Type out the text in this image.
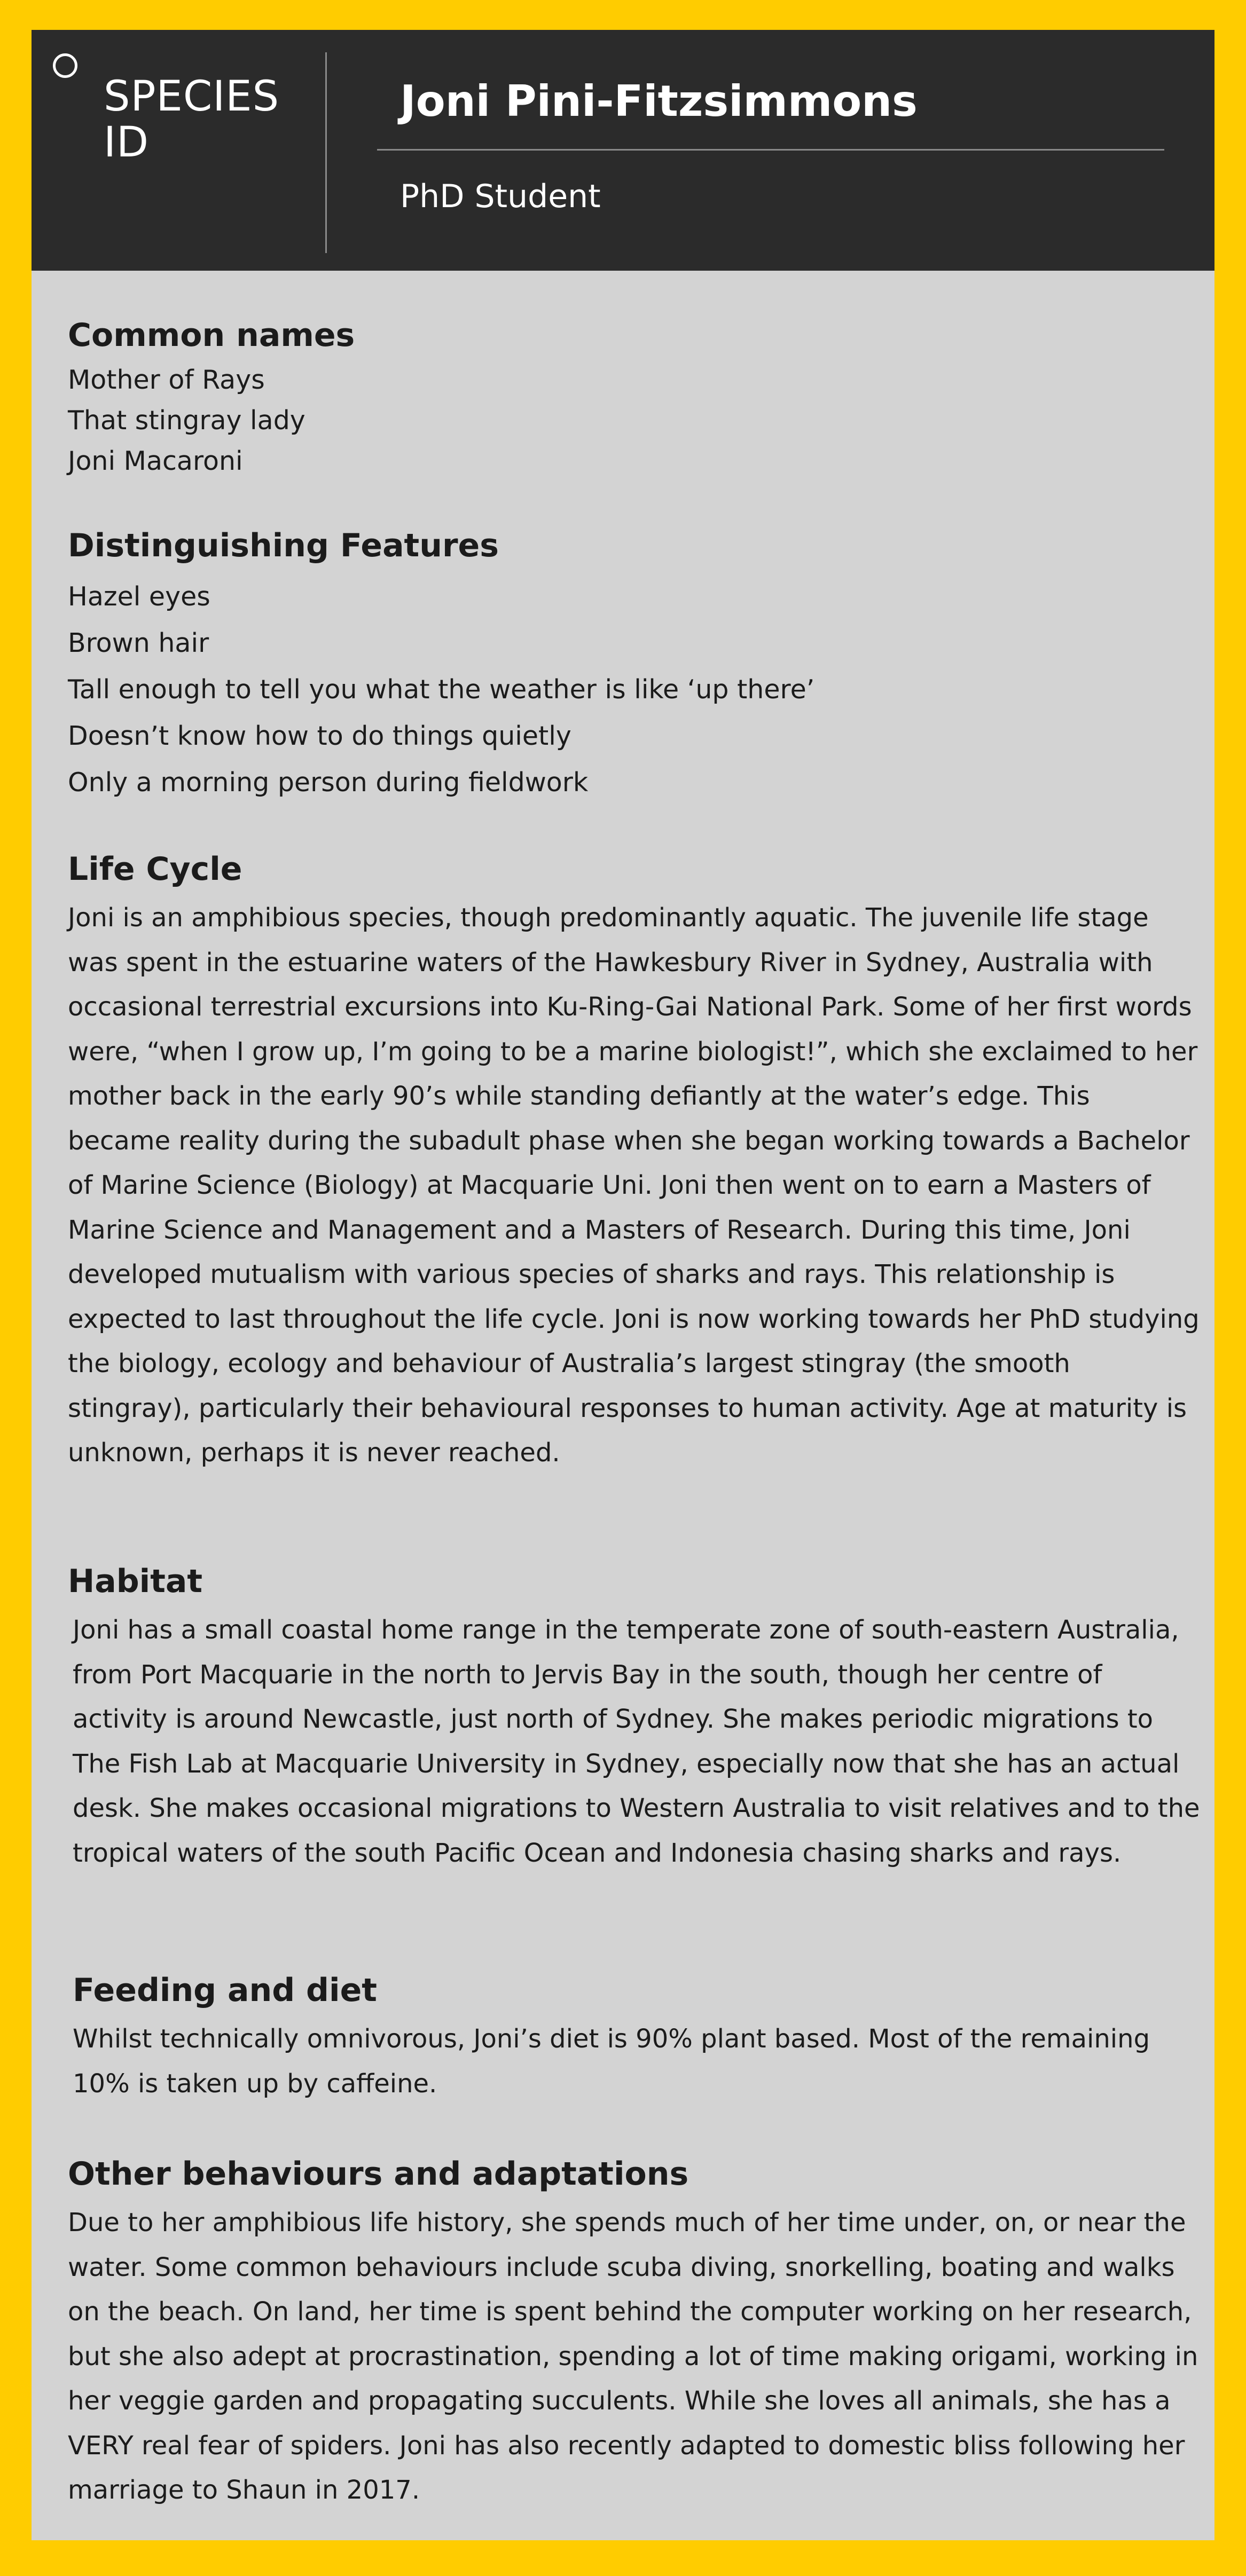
SPECIES ID
Joni Pini-Fitzsimmons
PhD Student
Common names
Mother of Rays
That stingray lady
Joni Macaroni
Distinguishing Features
Hazel eyes
Brown hair
Tall enough to tell you what the weather is like ‘up there’
Doesn’t know how to do things quietly
Only a morning person during fieldwork
Life Cycle

Joni is an amphibious species, though predominantly aquatic. The juvenile life stage was spent in the estuarine waters of the Hawkesbury River in Sydney, Australia with occasional terrestrial excursions into Ku-Ring-Gai National Park. Some of her first words were, “when I grow up, I’m going to be a marine biologist!”, which she exclaimed to her mother back in the early 90’s while standing defiantly at the water’s edge. This became reality during the subadult phase when she began working towards a Bachelor of Marine Science (Biology) at Macquarie Uni. Joni then went on to earn a Masters of Marine Science and Management and a Masters of Research. During this time, Joni developed mutualism with various species of sharks and rays. This relationship is expected to last throughout the life cycle. Joni is now working towards her PhD studying the biology, ecology and behaviour of Australia’s largest stingray (the smooth stingray), particularly their behavioural responses to human activity. Age at maturity is unknown, perhaps it is never reached.

Habitat

Joni has a small coastal home range in the temperate zone of south-eastern Australia, from Port Macquarie in the north to Jervis Bay in the south, though her centre of activity is around Newcastle, just north of Sydney. She makes periodic migrations to The Fish Lab at Macquarie University in Sydney, especially now that she has an actual desk. She makes occasional migrations to Western Australia to visit relatives and to the tropical waters of the south Pacific Ocean and Indonesia chasing sharks and rays.

Feeding and diet

Whilst technically omnivorous, Joni’s diet is 90% plant based. Most of the remaining 10% is taken up by caffeine.

Other behaviours and adaptations

Due to her amphibious life history, she spends much of her time under, on, or near the water. Some common behaviours include scuba diving, snorkelling, boating and walks on the beach. On land, her time is spent behind the computer working on her research, but she also adept at procrastination, spending a lot of time making origami, working in her veggie garden and propagating succulents. While she loves all animals, she has a VERY real fear of spiders. Joni has also recently adapted to domestic bliss following her marriage to Shaun in 2017.
